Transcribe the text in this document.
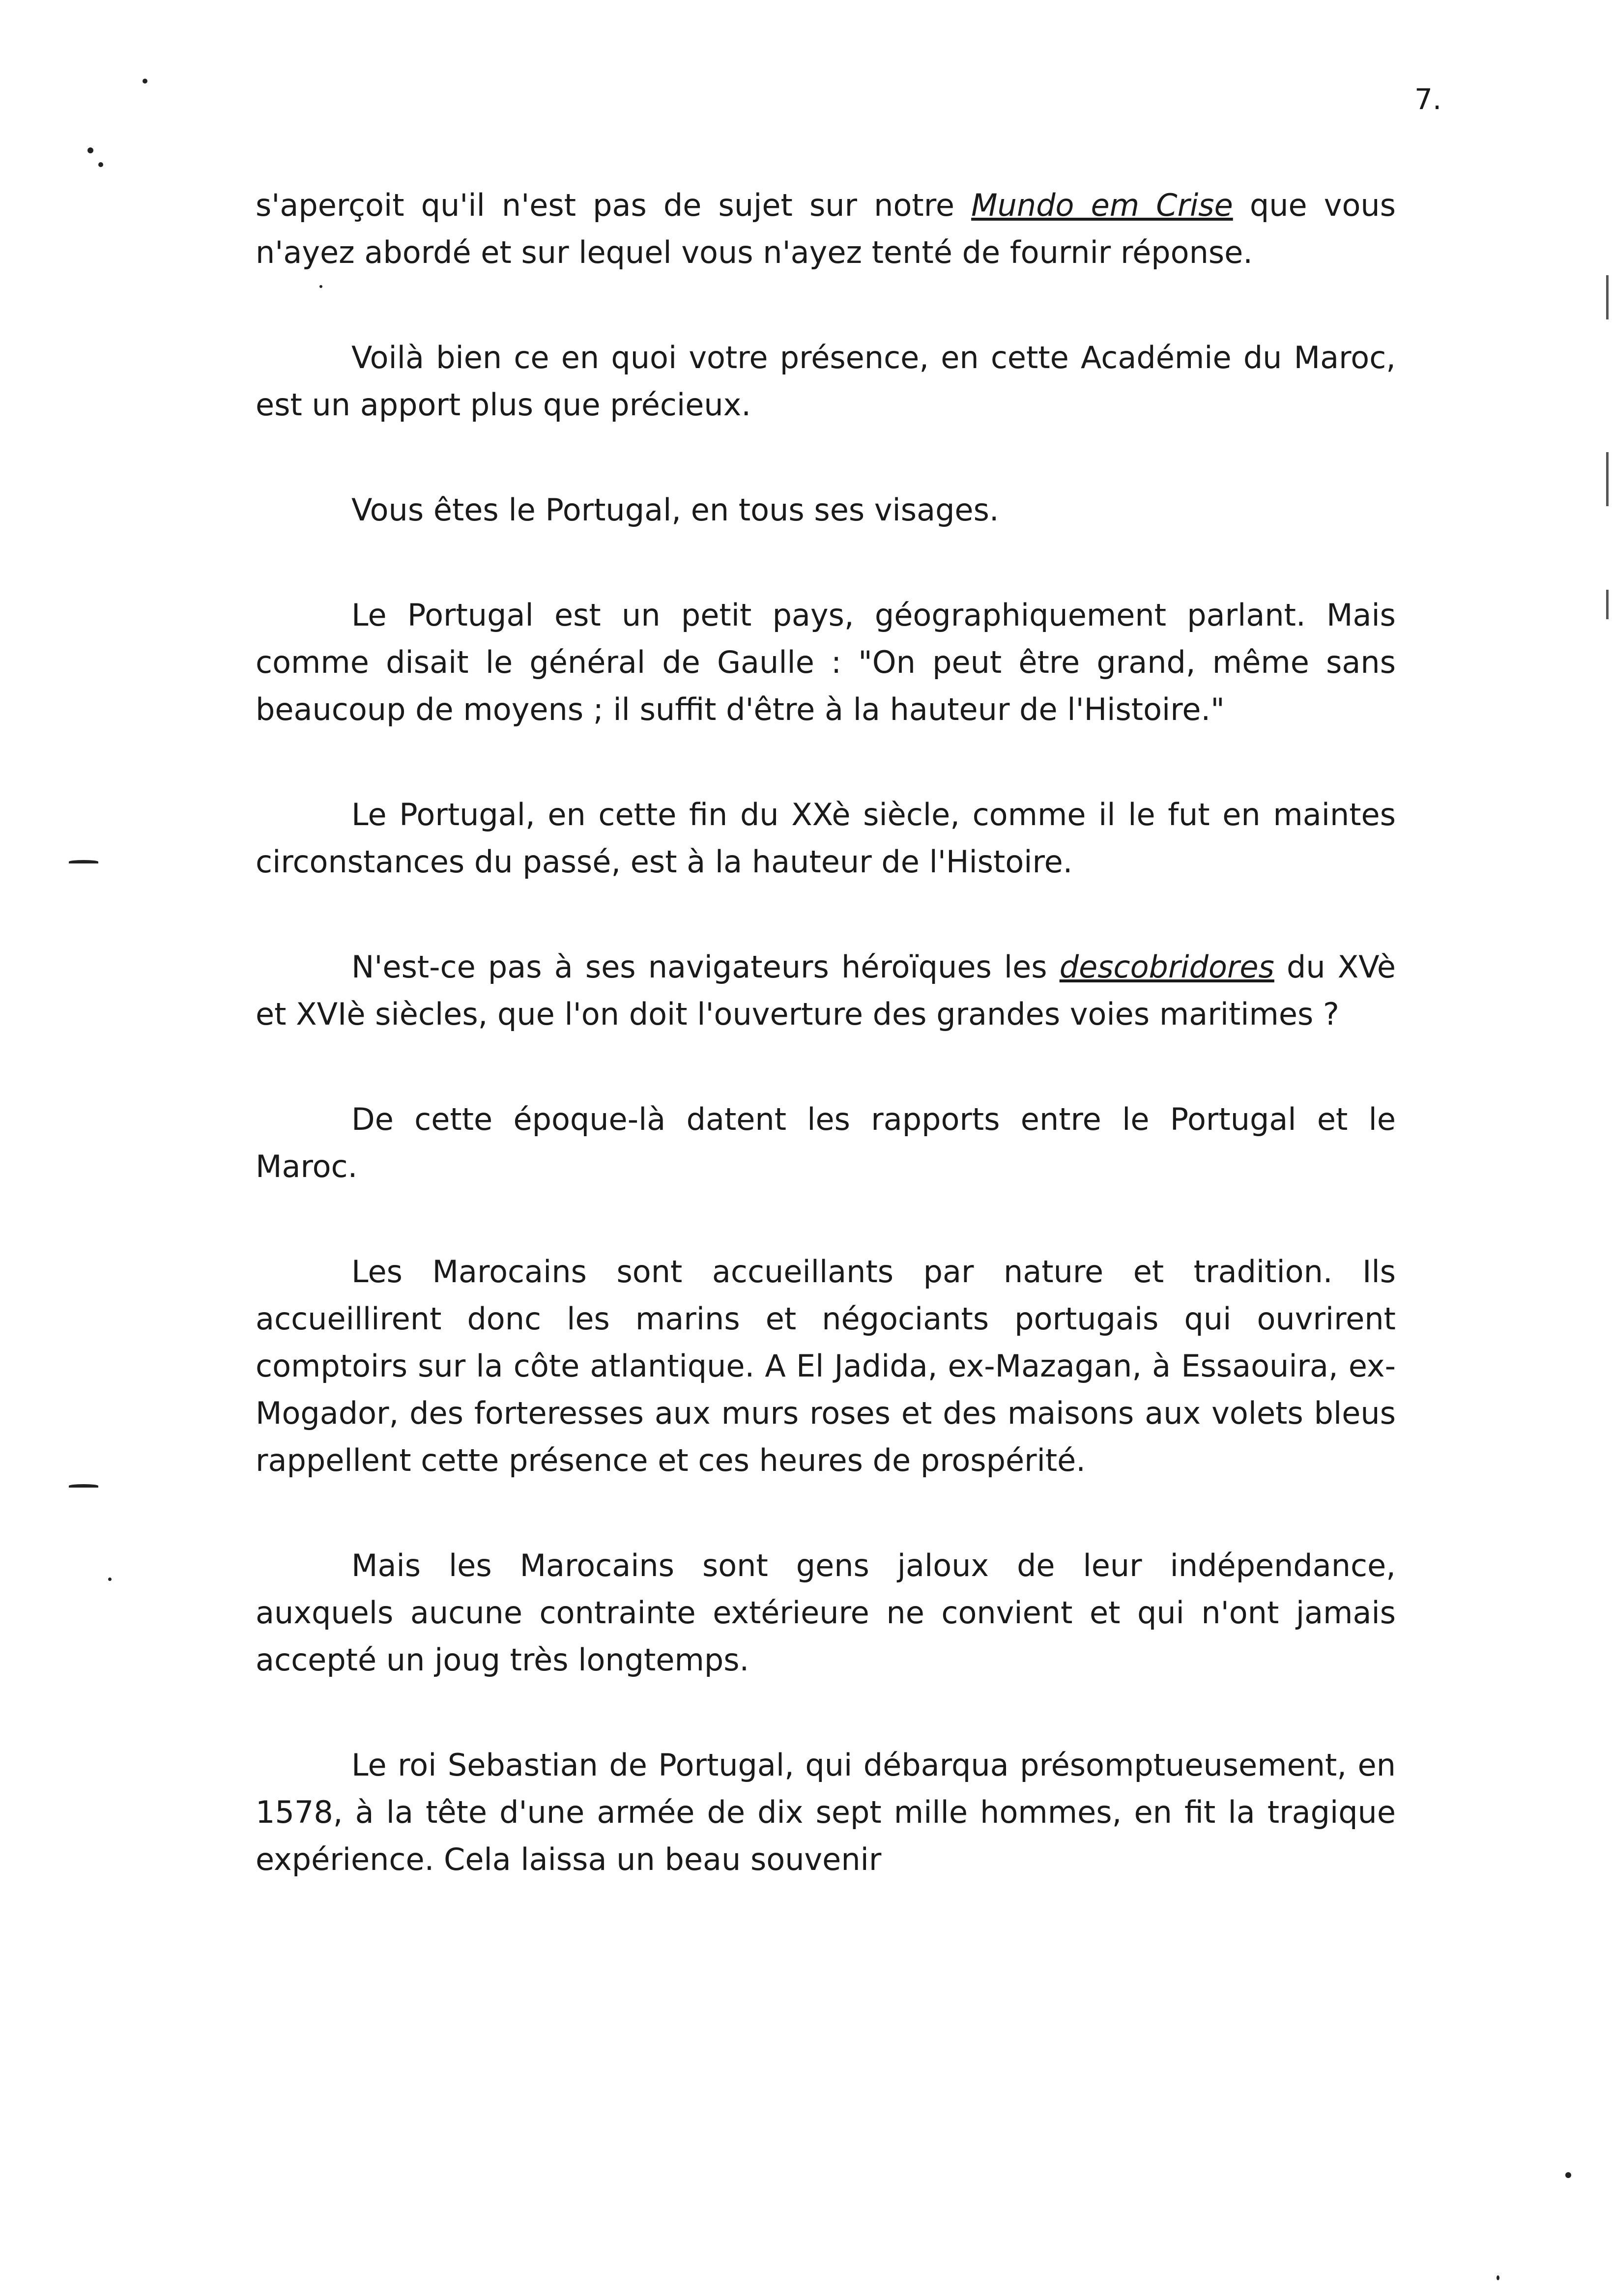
7.

s'aperçoit qu'il n'est pas de sujet sur notre Mundo em Crise que vous n'ayez abordé et sur lequel vous n'ayez tenté de fournir réponse.

Voilà bien ce en quoi votre présence, en cette Académie du Maroc, est un apport plus que précieux.

Vous êtes le Portugal, en tous ses visages.

Le Portugal est un petit pays, géographiquement parlant. Mais comme disait le général de Gaulle : "On peut être grand, même sans beaucoup de moyens ; il suffit d'être à la hauteur de l'Histoire."

Le Portugal, en cette fin du XXè siècle, comme il le fut en maintes circonstances du passé, est à la hauteur de l'Histoire.

N'est-ce pas à ses navigateurs héroïques les descobridores du XVè et XVIè siècles, que l'on doit l'ouverture des grandes voies maritimes ?

De cette époque-là datent les rapports entre le Portugal et le Maroc.

Les Marocains sont accueillants par nature et tradition. Ils accueillirent donc les marins et négociants portugais qui ouvrirent comptoirs sur la côte atlantique. A El Jadida, ex-Mazagan, à Essaouira, ex-Mogador, des forteresses aux murs roses et des maisons aux volets bleus rappellent cette présence et ces heures de prospérité.

Mais les Marocains sont gens jaloux de leur indépendance, auxquels aucune contrainte extérieure ne convient et qui n'ont jamais accepté un joug très longtemps.

Le roi Sebastian de Portugal, qui débarqua présomptueusement, en 1578, à la tête d'une armée de dix sept mille hommes, en fit la tragique expérience. Cela laissa un beau souvenir
